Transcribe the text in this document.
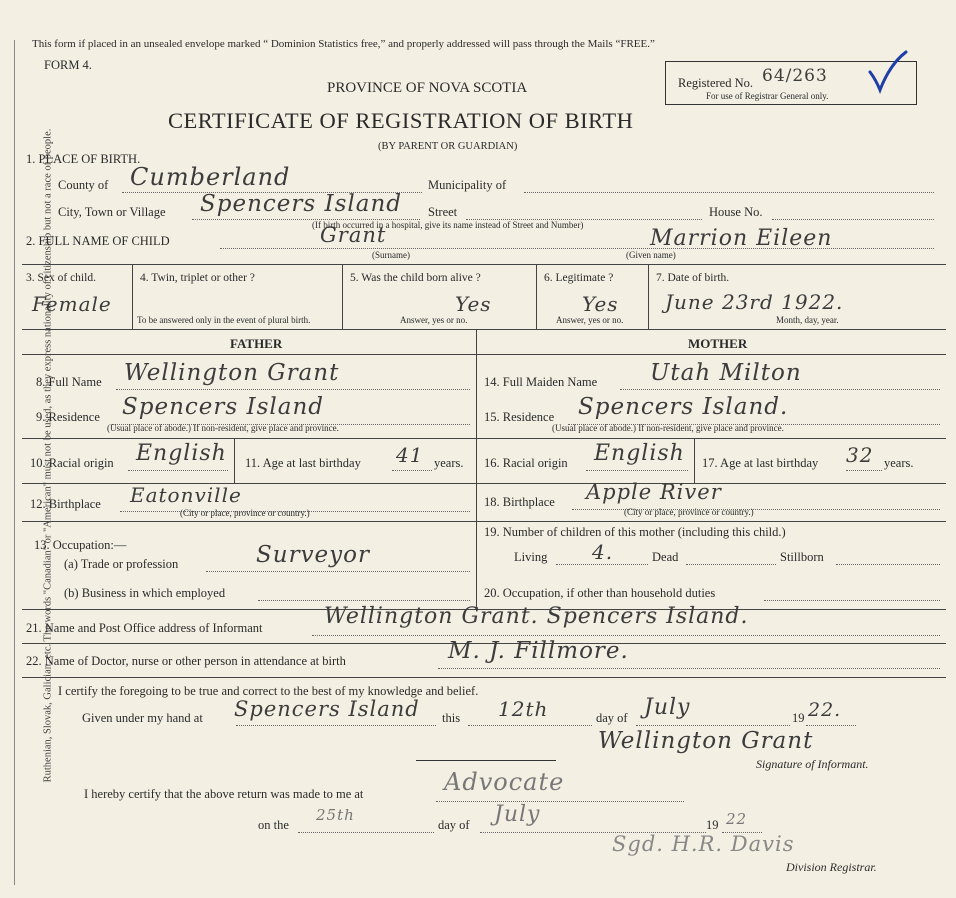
Ruthenian, Slovak, Galician, etc. The words "Canadian" or "American" must not be used, as they express nationality of citizenship but not a race of people.
This form if placed in an unsealed envelope marked “ Dominion Statistics free,” and properly addressed will pass through the Mails “FREE.”
FORM 4.
PROVINCE OF NOVA SCOTIA
CERTIFICATE OF REGISTRATION OF BIRTH
(BY PARENT OR GUARDIAN)
Registered No. 64/263
For use of Registrar General only.
1. PLACE OF BIRTH.
County of Cumberland	Municipality of
City, Town or Village Spencers Island Street	House No.
(If birth occurred in a hospital, give its name instead of Street and Number)
2. FULL NAME OF CHILD	Grant
(Surname)
Marrion Eileen
(Given name)
3. Sex of child.
Female
4. Twin, triplet or other ?
To be answered only in the event of plural birth.
5. Was the child born alive ?
Yes
Answer, yes or no.
6. Legitimate ?
Yes
Answer, yes or no.
7. Date of birth.
June 23rd 1922.
Month, day, year.
FATHER	MOTHER
8. Full Name Wellington Grant
9. Residence Spencers Island
(Usual place of abode.) If non-resident, give place and province.
10. Racial origin English 11. Age at last birthday 41 years.
12. Birthplace Eatonville
(City or place, province or country.)
13. Occupation:—
(a) Trade or profession	Surveyor
(b) Business in which employed
14. Full Maiden Name Utah Milton
15. Residence Spencers Island.
(Usual place of abode.) If non-resident, give place and province.
16. Racial origin English 17. Age at last birthday 32 years.
18. Birthplace Apple River
(City or place, province or country.)
19. Number of children of this mother (including this child.)
Living 4.	Dead	Stillborn
20. Occupation, if other than household duties
21. Name and Post Office address of Informant	Wellington Grant. Spencers Island.
22. Name of Doctor, nurse or other person in attendance at birth	M. J. Fillmore.
I certify the foregoing to be true and correct to the best of my knowledge and belief.
Given under my hand at Spencers Island this 12th	day of July	19 22.
Wellington Grant
Signature of Informant.
I hereby certify that the above return was made to me at	Advocate
on the
25th
day of July	19 22
Sgd. H.R. Davis
Division Registrar.
